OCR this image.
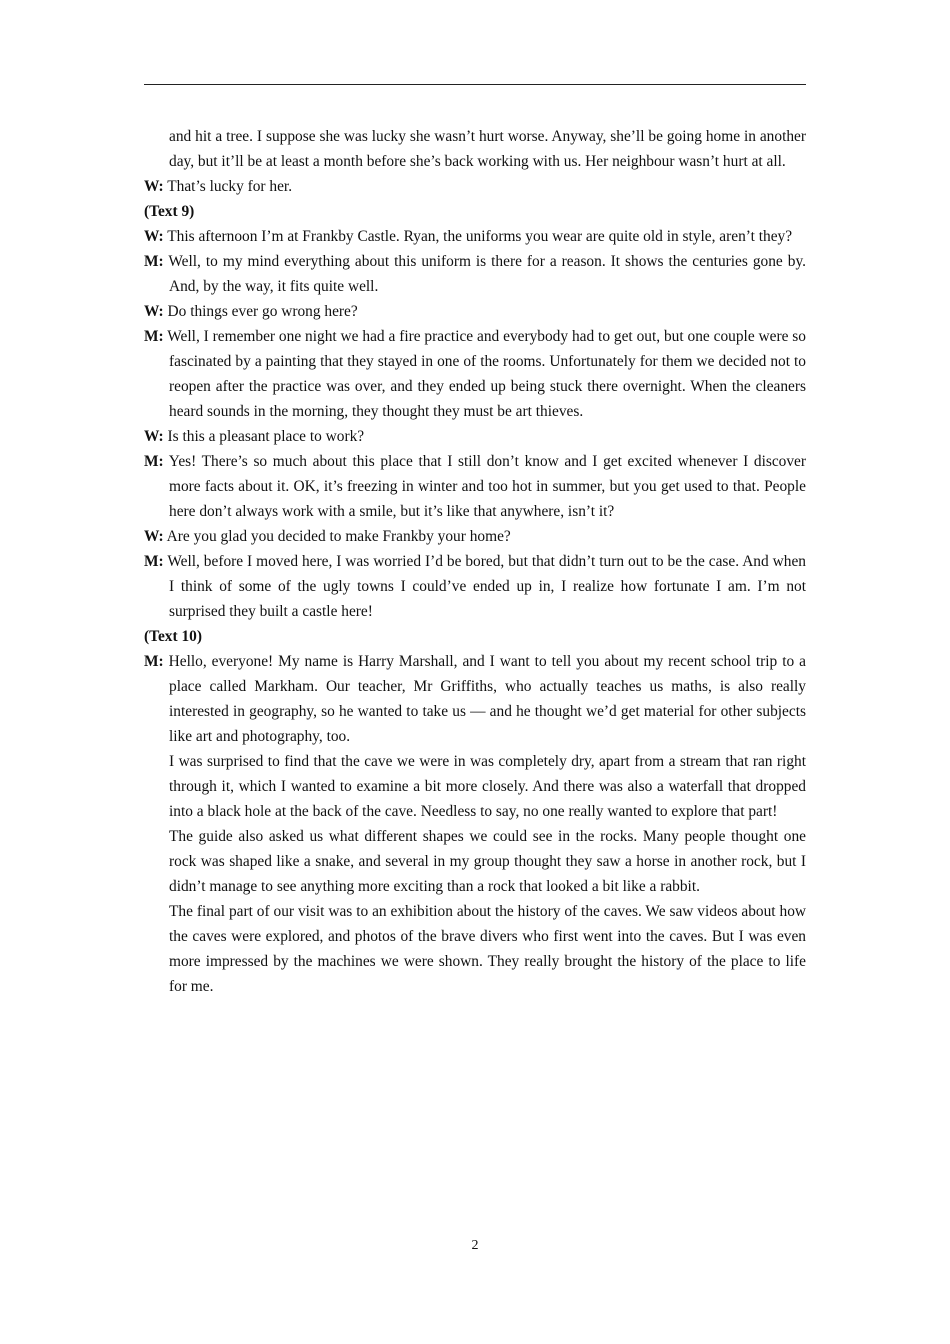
and hit a tree. I suppose she was lucky she wasn’t hurt worse. Anyway, she’ll be going home in another day, but it’ll be at least a month before she’s back working with us. Her neighbour wasn’t hurt at all.

W: That’s lucky for her.

(Text 9)

W: This afternoon I’m at Frankby Castle. Ryan, the uniforms you wear are quite old in style, aren’t they?

M: Well, to my mind everything about this uniform is there for a reason. It shows the centuries gone by. And, by the way, it fits quite well.

W: Do things ever go wrong here?

M: Well, I remember one night we had a fire practice and everybody had to get out, but one couple were so fascinated by a painting that they stayed in one of the rooms. Unfortunately for them we decided not to reopen after the practice was over, and they ended up being stuck there overnight. When the cleaners heard sounds in the morning, they thought they must be art thieves.

W: Is this a pleasant place to work?

M: Yes! There’s so much about this place that I still don’t know and I get excited whenever I discover more facts about it. OK, it’s freezing in winter and too hot in summer, but you get used to that. People here don’t always work with a smile, but it’s like that anywhere, isn’t it?

W: Are you glad you decided to make Frankby your home?

M: Well, before I moved here, I was worried I’d be bored, but that didn’t turn out to be the case. And when I think of some of the ugly towns I could’ve ended up in, I realize how fortunate I am. I’m not surprised they built a castle here!

(Text 10)

M: Hello, everyone! My name is Harry Marshall, and I want to tell you about my recent school trip to a place called Markham. Our teacher, Mr Griffiths, who actually teaches us maths, is also really interested in geography, so he wanted to take us — and he thought we’d get material for other subjects like art and photography, too.

I was surprised to find that the cave we were in was completely dry, apart from a stream that ran right through it, which I wanted to examine a bit more closely. And there was also a waterfall that dropped into a black hole at the back of the cave. Needless to say, no one really wanted to explore that part!

The guide also asked us what different shapes we could see in the rocks. Many people thought one rock was shaped like a snake, and several in my group thought they saw a horse in another rock, but I didn’t manage to see anything more exciting than a rock that looked a bit like a rabbit.

The final part of our visit was to an exhibition about the history of the caves. We saw videos about how the caves were explored, and photos of the brave divers who first went into the caves. But I was even more impressed by the machines we were shown. They really brought the history of the place to life for me.

2
